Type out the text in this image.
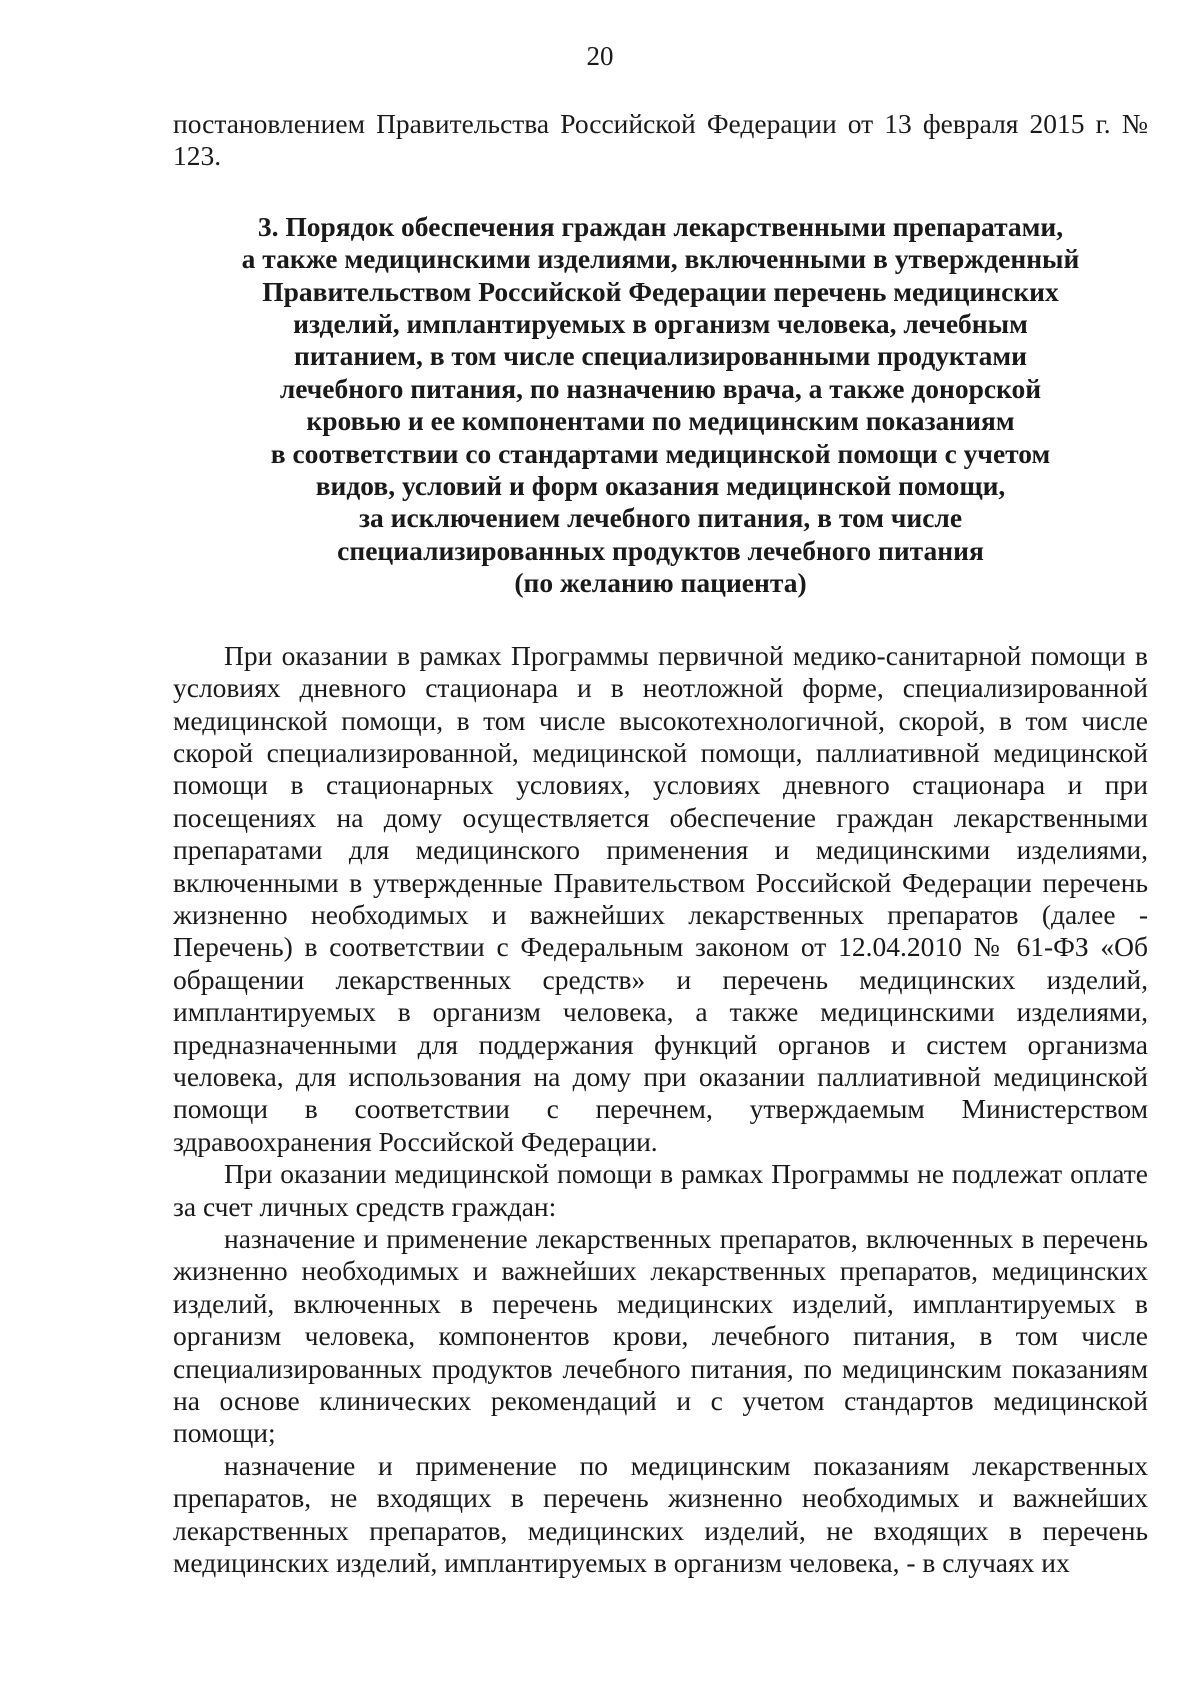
20

постановлением Правительства Российской Федерации от 13 февраля 2015 г. № 123.

3. Порядок обеспечения граждан лекарственными препаратами,
а также медицинскими изделиями, включенными в утвержденный
Правительством Российской Федерации перечень медицинских
изделий, имплантируемых в организм человека, лечебным
питанием, в том числе специализированными продуктами
лечебного питания, по назначению врача, а также донорской
кровью и ее компонентами по медицинским показаниям
в соответствии со стандартами медицинской помощи с учетом
видов, условий и форм оказания медицинской помощи,
за исключением лечебного питания, в том числе
специализированных продуктов лечебного питания
(по желанию пациента)

При оказании в рамках Программы первичной медико-санитарной помощи в условиях дневного стационара и в неотложной форме, специализированной медицинской помощи, в том числе высокотехнологичной, скорой, в том числе скорой специализированной, медицинской помощи, паллиативной медицинской помощи в стационарных условиях, условиях дневного стационара и при посещениях на дому осуществляется обеспечение граждан лекарственными препаратами для медицинского применения и медицинскими изделиями, включенными в утвержденные Правительством Российской Федерации перечень жизненно необходимых и важнейших лекарственных препаратов (далее - Перечень) в соответствии с Федеральным законом от 12.04.2010 № 61-ФЗ «Об обращении лекарственных средств» и перечень медицинских изделий, имплантируемых в организм человека, а также медицинскими изделиями, предназначенными для поддержания функций органов и систем организма человека, для использования на дому при оказании паллиативной медицинской помощи в соответствии с перечнем, утверждаемым Министерством здравоохранения Российской Федерации.

При оказании медицинской помощи в рамках Программы не подлежат оплате за счет личных средств граждан:

назначение и применение лекарственных препаратов, включенных в перечень жизненно необходимых и важнейших лекарственных препаратов, медицинских изделий, включенных в перечень медицинских изделий, имплантируемых в организм человека, компонентов крови, лечебного питания, в том числе специализированных продуктов лечебного питания, по медицинским показаниям на основе клинических рекомендаций и с учетом стандартов медицинской помощи;

назначение и применение по медицинским показаниям лекарственных препаратов, не входящих в перечень жизненно необходимых и важнейших лекарственных препаратов, медицинских изделий, не входящих в перечень медицинских изделий, имплантируемых в организм человека, - в случаях их
